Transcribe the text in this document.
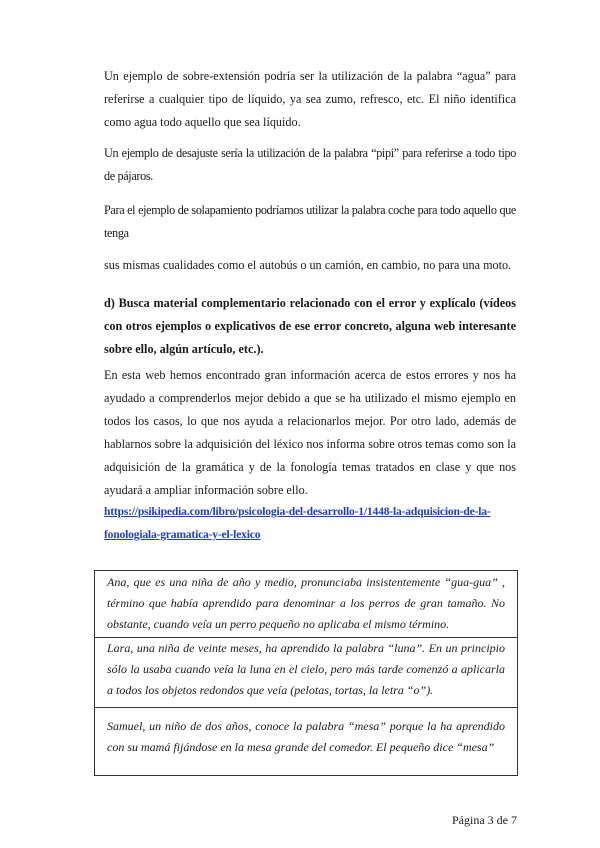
Un ejemplo de sobre-extensión podría ser la utilización de la palabra “agua” para referirse a cualquier tipo de líquido, ya sea zumo, refresco, etc. El niño identifica como agua todo aquello que sea líquido.

Un ejemplo de desajuste sería la utilización de la palabra “pipi” para referirse a todo tipo de pájaros.

Para el ejemplo de solapamiento podríamos utilizar la palabra coche para todo aquello que tenga

sus mismas cualidades como el autobús o un camión, en cambio, no para una moto.

d) Busca material complementario relacionado con el error y explícalo (vídeos con otros ejemplos o explicativos de ese error concreto, alguna web interesante sobre ello, algún artículo, etc.).

En esta web hemos encontrado gran información acerca de estos errores y nos ha ayudado a comprenderlos mejor debido a que se ha utilizado el mismo ejemplo en todos los casos, lo que nos ayuda a relacionarlos mejor. Por otro lado, además de hablarnos sobre la adquisición del léxico nos informa sobre otros temas como son la adquisición de la gramática y de la fonología temas tratados en clase y que nos ayudará a ampliar información sobre ello.

https://psikipedia.com/libro/psicologia-del-desarrollo-1/1448-la-adquisicion-de-la-fonologiala-gramatica-y-el-lexico

Ana, que es una niña de año y medio, pronunciaba insistentemente “gua-gua” , término que había aprendido para denominar a los perros de gran tamaño. No obstante, cuando veía un perro pequeño no aplicaba el mismo término.
Lara, una niña de veinte meses, ha aprendido la palabra “luna”. En un principio sólo la usaba cuando veía la luna en el cielo, pero más tarde comenzó a aplicarla a todos los objetos redondos que veía (pelotas, tortas, la letra “o”).
Samuel, un niño de dos años, conoce la palabra “mesa” porque la ha aprendido con su mamá fijándose en la mesa grande del comedor. El pequeño dice “mesa”
Página 3 de 7
